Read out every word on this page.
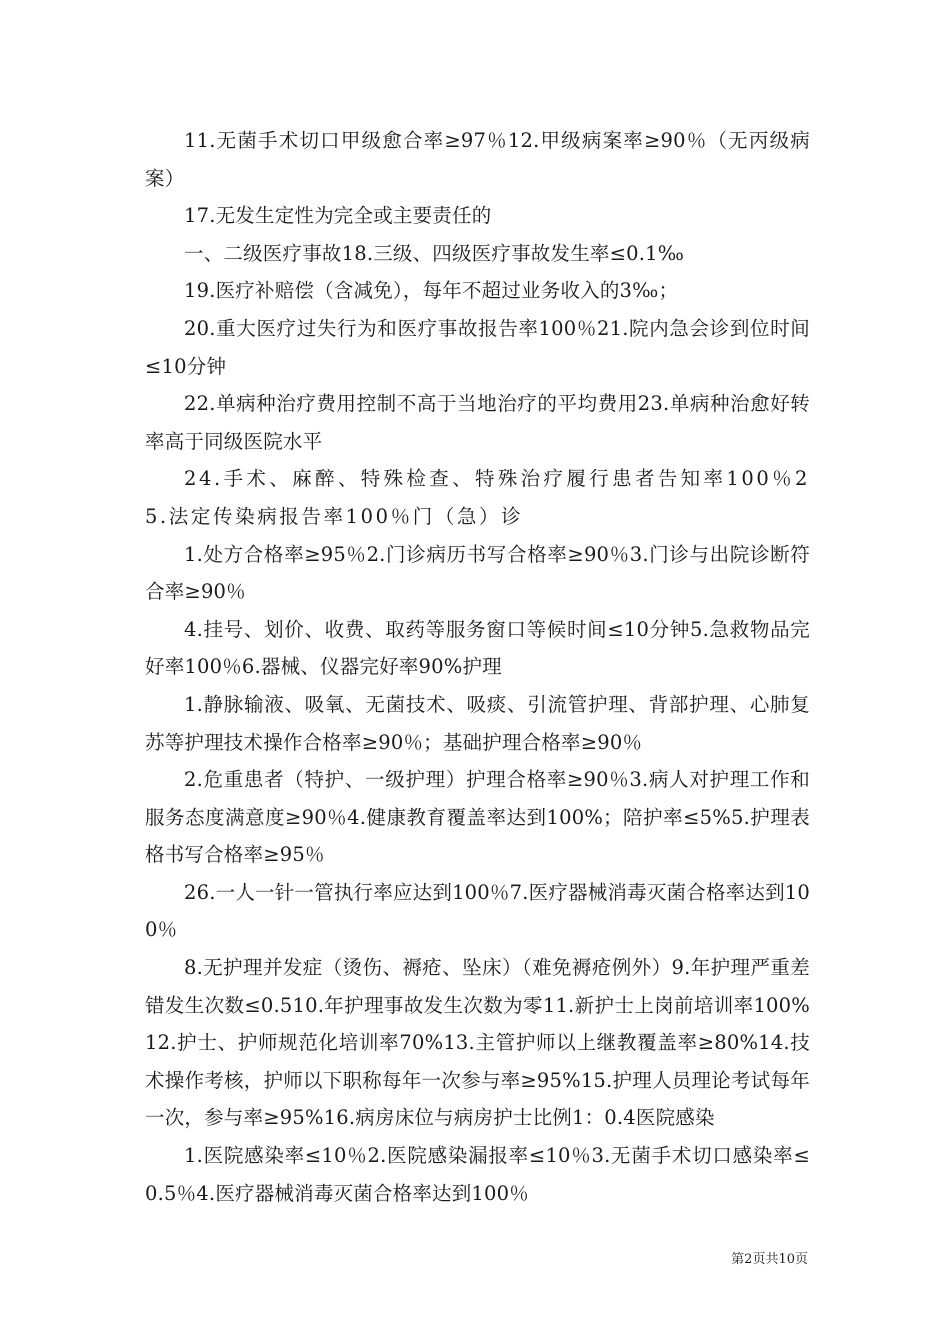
11.无菌手术切口甲级愈合率≥97％12.甲级病案率≥90％（无丙级病案）

17.无发生定性为完全或主要责任的

一、二级医疗事故18.三级、四级医疗事故发生率≤0.1‰

19.医疗补赔偿（含减免），每年不超过业务收入的3‰；

20.重大医疗过失行为和医疗事故报告率100％21.院内急会诊到位时间≤10分钟

22.单病种治疗费用控制不高于当地治疗的平均费用23.单病种治愈好转率高于同级医院水平

24.手术、麻醉、特殊检查、特殊治疗履行患者告知率100％25.法定传染病报告率100％门（急）诊

1.处方合格率≥95％2.门诊病历书写合格率≥90％3.门诊与出院诊断符合率≥90％

4.挂号、划价、收费、取药等服务窗口等候时间≤10分钟5.急救物品完好率100％6.器械、仪器完好率90%护理

1.静脉输液、吸氧、无菌技术、吸痰、引流管护理、背部护理、心肺复苏等护理技术操作合格率≥90％；基础护理合格率≥90％

2.危重患者（特护、一级护理）护理合格率≥90％3.病人对护理工作和服务态度满意度≥90％4.健康教育覆盖率达到100%；陪护率≤5%5.护理表格书写合格率≥95％

26.一人一针一管执行率应达到100％7.医疗器械消毒灭菌合格率达到100％

8.无护理并发症（烫伤、褥疮、坠床）（难免褥疮例外）9.年护理严重差错发生次数≤0.510.年护理事故发生次数为零11.新护士上岗前培训率100%12.护士、护师规范化培训率70%13.主管护师以上继教覆盖率≥80%14.技术操作考核，护师以下职称每年一次参与率≥95%15.护理人员理论考试每年一次，参与率≥95%16.病房床位与病房护士比例1：0.4医院感染

1.医院感染率≤10％2.医院感染漏报率≤10％3.无菌手术切口感染率≤0.5％4.医疗器械消毒灭菌合格率达到100％

第2页共10页
